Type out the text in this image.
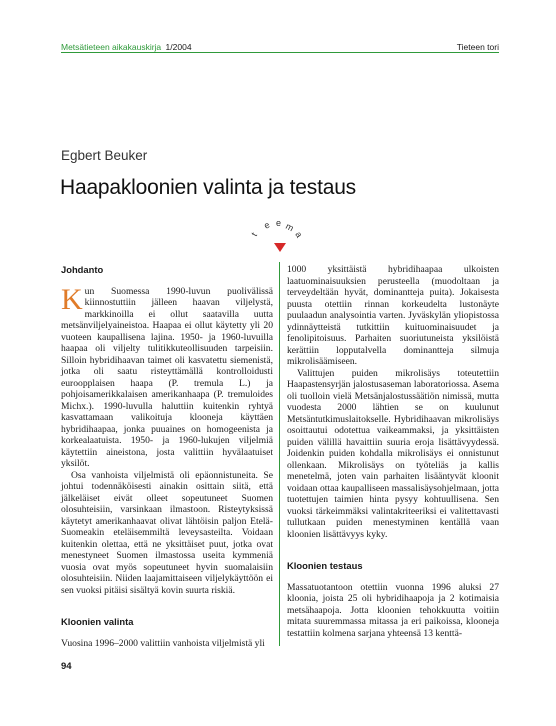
Metsätieteen aikakauskirja 1/2004	Tieteen tori
Egbert Beuker
Haapakloonien valinta ja testaus
t
e e m
a
Johdanto

Kun Suomessa 1990-luvun puolivälissä kiinnostuttiin jälleen haavan viljelystä, markkinoilla ei ollut saatavilla uutta metsänviljelyaineistoa. Haapaa ei ollut käytetty yli 20 vuoteen kaupallisena lajina. 1950- ja 1960-luvuilla haapaa oli viljelty tulitikkuteollisuuden tarpeisiin. Silloin hybridihaavan taimet oli kasvatettu siemenistä, jotka oli saatu risteyttämällä kontrolloidusti euroopplaisen haapa (P. tremula L.) ja pohjoisamerikkalaisen amerikanhaapa (P. tremuloides Michx.). 1990-luvulla haluttiin kuitenkin ryhtyä kasvattamaan valikoituja klooneja käyttäen hybridihaapaa, jonka puuaines on homogeenista ja korkealaatuista. 1950- ja 1960-lukujen viljelmiä käytettiin aineistona, josta valittiin hyvälaatuiset yksilöt.

Osa vanhoista viljelmistä oli epäonnistuneita. Se johtui todennäköisesti ainakin osittain siitä, että jälkeläiset eivät olleet sopeutuneet Suomen olosuhteisiin, varsinkaan ilmastoon. Risteytyksissä käytetyt amerikanhaavat olivat lähtöisin paljon Etelä-Suomeakin eteläisemmiltä leveysasteilta. Voidaan kuitenkin olettaa, että ne yksittäiset puut, jotka ovat menestyneet Suomen ilmastossa useita kymmeniä vuosia ovat myös sopeutuneet hyvin suomalaisiin olosuhteisiin. Niiden laajamittaiseen viljelykäyttöön ei sen vuoksi pitäisi sisältyä kovin suurta riskiä.

Kloonien valinta

Vuosina 1996–2000 valittiin vanhoista viljelmistä yli

1000 yksittäistä hybridihaapaa ulkoisten laatuominaisuuksien perusteella (muodoltaan ja terveydeltään hyvät, dominantteja puita). Jokaisesta puusta otettiin rinnan korkeudelta lustonäyte puulaadun analysointia varten. Jyväskylän yliopistossa ydinnäytteistä tutkittiin kuituominaisuudet ja fenolipitoisuus. Parhaiten suoriutuneista yksilöistä kerättiin lopputalvella dominantteja silmuja mikrolisäämiseen.

Valittujen puiden mikrolisäys toteutettiin Haapastensyrjän jalostusaseman laboratoriossa. Asema oli tuolloin vielä Metsänjalostussäätiön nimissä, mutta vuodesta 2000 lähtien se on kuulunut Metsäntutkimuslaitokselle. Hybridihaavan mikrolisäys osoittautui odotettua vaikeammaksi, ja yksittäisten puiden välillä havaittiin suuria eroja lisättävyydessä. Joidenkin puiden kohdalla mikrolisäys ei onnistunut ollenkaan. Mikrolisäys on työteliäs ja kallis menetelmä, joten vain parhaiten lisääntyvät kloonit voidaan ottaa kaupalliseen massalisäysohjelmaan, jotta tuotettujen taimien hinta pysyy kohtuullisena. Sen vuoksi tärkeimmäksi valintakriteeriksi ei valitettavasti tullutkaan puiden menestyminen kentällä vaan kloonien lisättävyys kyky.

Kloonien testaus

Massatuotantoon otettiin vuonna 1996 aluksi 27 kloonia, joista 25 oli hybridihaapoja ja 2 kotimaisia metsähaapoja. Jotta kloonien tehokkuutta voitiin mitata suuremmassa mitassa ja eri paikoissa, klooneja testattiin kolmena sarjana yhteensä 13 kenttä-

94
